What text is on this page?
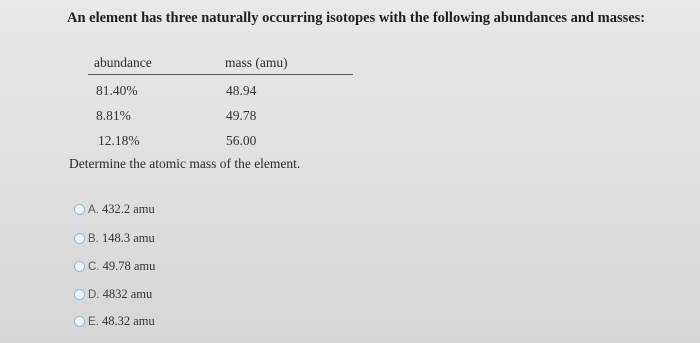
An element has three naturally occurring isotopes with the following abundances and masses:
abundance	mass (amu)
81.40%	48.94
8.81%	49.78
12.18%	56.00
Determine the atomic mass of the element.
A. 432.2 amu
B. 148.3 amu
C. 49.78 amu
D. 4832 amu
E. 48.32 amu
